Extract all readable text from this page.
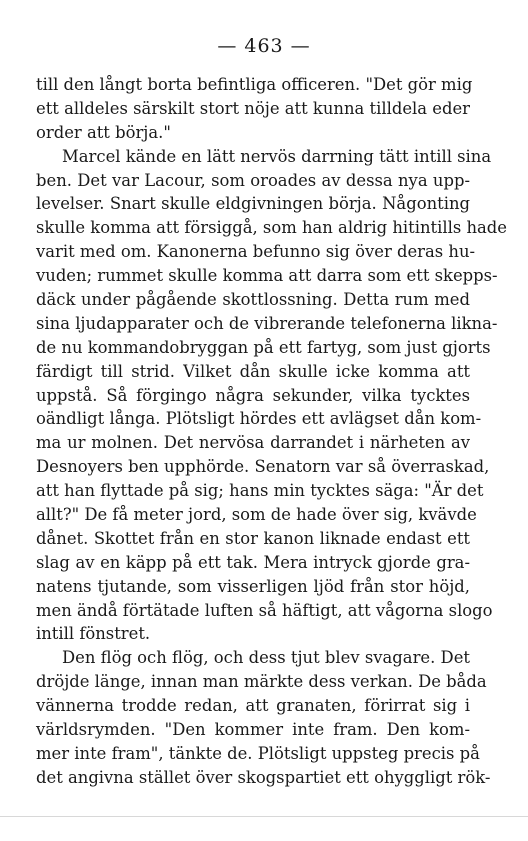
— 463 —
till den långt borta befintliga officeren. "Det gör mig
ett alldeles särskilt stort nöje att kunna tilldela eder
order att börja."
Marcel kände en lätt nervös darrning tätt intill sina
ben. Det var Lacour, som oroades av dessa nya upp-
levelser. Snart skulle eldgivningen börja. Någonting
skulle komma att försiggå, som han aldrig hitintills hade
varit med om. Kanonerna befunno sig över deras hu-
vuden; rummet skulle komma att darra som ett skepps-
däck under pågående skottlossning. Detta rum med
sina ljudapparater och de vibrerande telefonerna likna-
de nu kommandobryggan på ett fartyg, som just gjorts
färdigt till strid. Vilket dån skulle icke komma att
uppstå. Så förgingo några sekunder, vilka tycktes
oändligt långa. Plötsligt hördes ett avlägset dån kom-
ma ur molnen. Det nervösa darrandet i närheten av
Desnoyers ben upphörde. Senatorn var så överraskad,
att han flyttade på sig; hans min tycktes säga: "Är det
allt?" De få meter jord, som de hade över sig, kvävde
dånet. Skottet från en stor kanon liknade endast ett
slag av en käpp på ett tak. Mera intryck gjorde gra-
natens tjutande, som visserligen ljöd från stor höjd,
men ändå förtätade luften så häftigt, att vågorna slogo
intill fönstret.
Den flög och flög, och dess tjut blev svagare. Det
dröjde länge, innan man märkte dess verkan. De båda
vännerna trodde redan, att granaten, förirrat sig i
världsrymden. "Den kommer inte fram. Den kom-
mer inte fram", tänkte de. Plötsligt uppsteg precis på
det angivna stället över skogspartiet ett ohyggligt rök-
